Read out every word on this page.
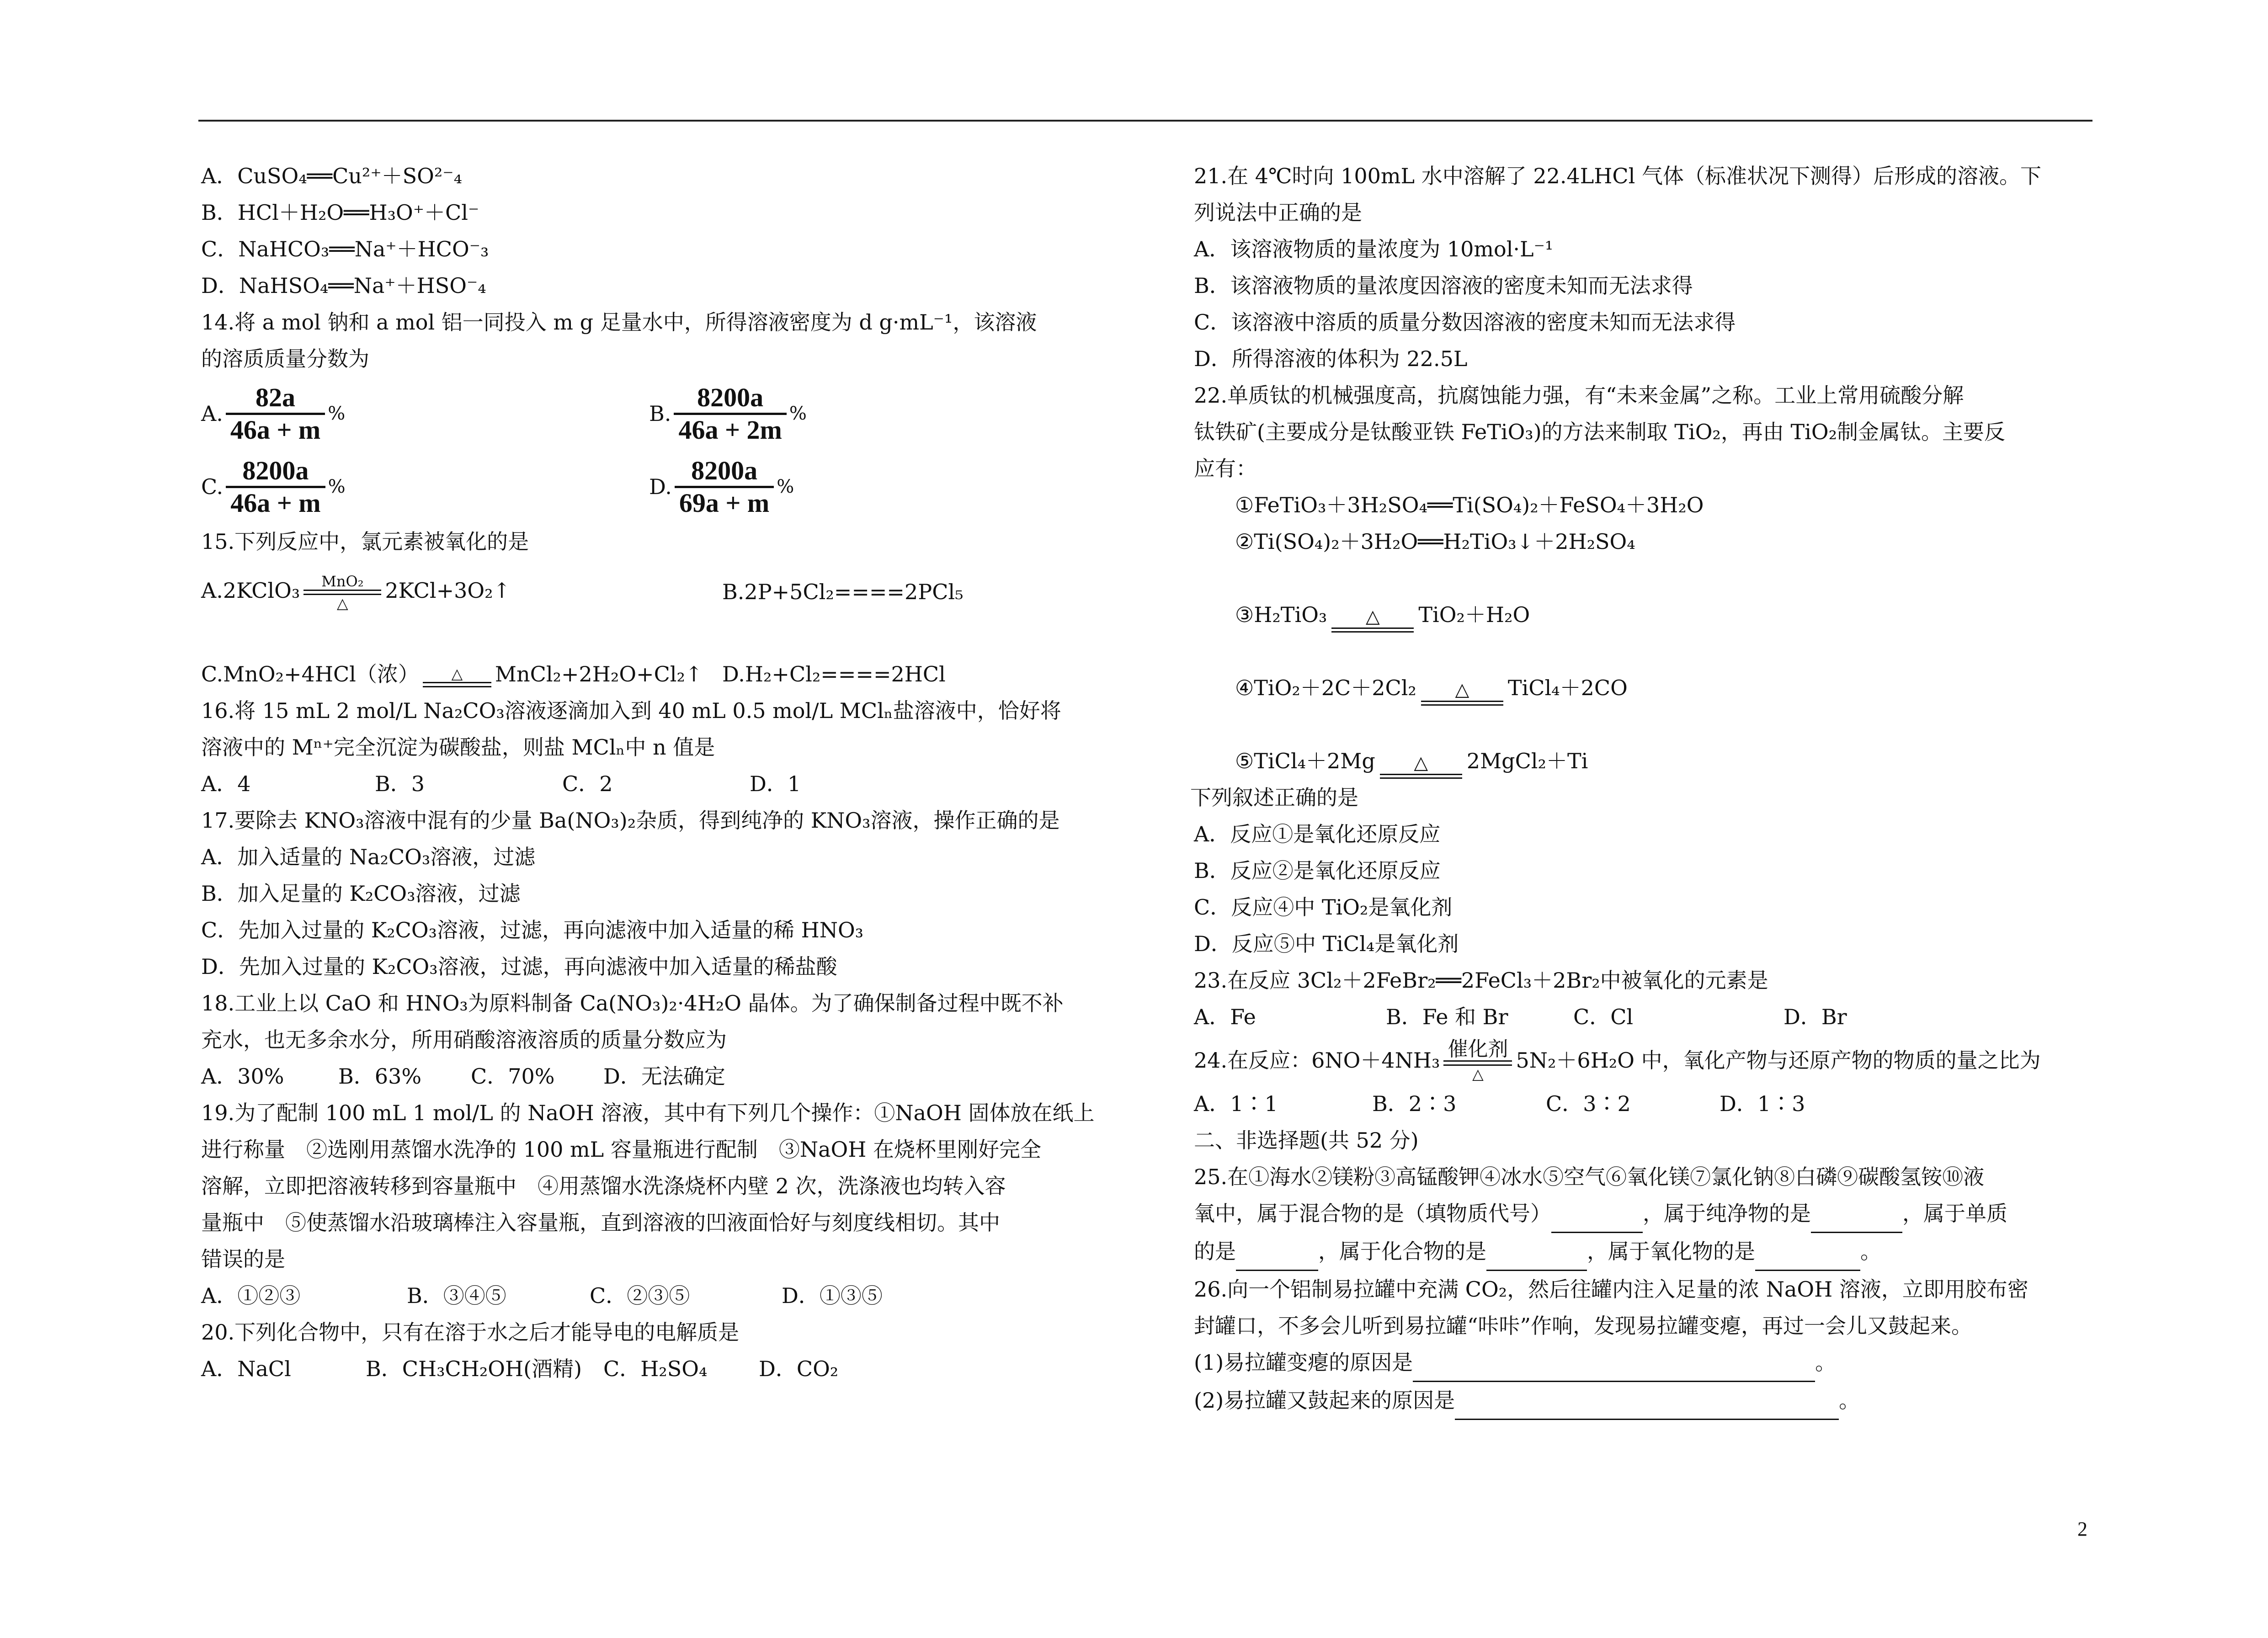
A．CuSO₄══Cu²⁺＋SO²⁻₄
B．HCl＋H₂O══H₃O⁺＋Cl⁻
C．NaHCO₃══Na⁺＋HCO⁻₃
D．NaHSO₄══Na⁺＋HSO⁻₄
14.将 a mol 钠和 a mol 铝一同投入 m g 足量水中，所得溶液密度为 d g·mL⁻¹，该溶液
的溶质质量分数为
A. $\frac{82a}{46a + m}$ %	B. $\frac{8200a}{46a + 2m}$ %
C. $\frac{8200a}{46a + m}$ %	D. $\frac{8200a}{69a + m}$ %
15.下列反应中，氯元素被氧化的是
A.2KClO₃	MnO₂
△
2KCl+3O₂↑	B.2P+5Cl₂====2PCl₅
C.MnO₂+4HCl（浓）	△	MnCl₂+2H₂O+Cl₂↑ D.H₂+Cl₂====2HCl
16.将 15 mL 2 mol/L Na₂CO₃溶液逐滴加入到 40 mL 0.5 mol/L MClₙ盐溶液中，恰好将
溶液中的 Mⁿ⁺完全沉淀为碳酸盐，则盐 MClₙ中 n 值是
A．4	B．3	C．2	D．1
17.要除去 KNO₃溶液中混有的少量 Ba(NO₃)₂杂质，得到纯净的 KNO₃溶液，操作正确的是
A．加入适量的 Na₂CO₃溶液，过滤
B．加入足量的 K₂CO₃溶液，过滤
C．先加入过量的 K₂CO₃溶液，过滤，再向滤液中加入适量的稀 HNO₃
D．先加入过量的 K₂CO₃溶液，过滤，再向滤液中加入适量的稀盐酸
18.工业上以 CaO 和 HNO₃为原料制备 Ca(NO₃)₂·4H₂O 晶体。为了确保制备过程中既不补
充水，也无多余水分，所用硝酸溶液溶质的质量分数应为
A．30%	B．63%	C．70%	D．无法确定
19.为了配制 100 mL 1 mol/L 的 NaOH 溶液，其中有下列几个操作：①NaOH 固体放在纸上
进行称量　②选刚用蒸馏水洗净的 100 mL 容量瓶进行配制　③NaOH 在烧杯里刚好完全
溶解，立即把溶液转移到容量瓶中　④用蒸馏水洗涤烧杯内壁 2 次，洗涤液也均转入容
量瓶中　⑤使蒸馏水沿玻璃棒注入容量瓶，直到溶液的凹液面恰好与刻度线相切。其中
错误的是
A．①②③	B．③④⑤	C．②③⑤	D．①③⑤
20.下列化合物中，只有在溶于水之后才能导电的电解质是
A．NaCl	B．CH₃CH₂OH(酒精)	C．H₂SO₄	D．CO₂
21.在 4℃时向 100mL 水中溶解了 22.4LHCl 气体（标准状况下测得）后形成的溶液。下
列说法中正确的是
A．该溶液物质的量浓度为 10mol·L⁻¹
B．该溶液物质的量浓度因溶液的密度未知而无法求得
C．该溶液中溶质的质量分数因溶液的密度未知而无法求得
D．所得溶液的体积为 22.5L
22.单质钛的机械强度高，抗腐蚀能力强，有“未来金属”之称。工业上常用硫酸分解
钛铁矿(主要成分是钛酸亚铁 FeTiO₃)的方法来制取 TiO₂，再由 TiO₂制金属钛。主要反
应有：
①FeTiO₃＋3H₂SO₄══Ti(SO₄)₂＋FeSO₄＋3H₂O
②Ti(SO₄)₂＋3H₂O══H₂TiO₃↓＋2H₂SO₄
③H₂TiO₃	△	TiO₂＋H₂O
④TiO₂＋2C＋2Cl₂	△	TiCl₄＋2CO
⑤TiCl₄＋2Mg	△	2MgCl₂＋Ti
下列叙述正确的是
A．反应①是氧化还原反应
B．反应②是氧化还原反应
C．反应④中 TiO₂是氧化剂
D．反应⑤中 TiCl₄是氧化剂
23.在反应 3Cl₂＋2FeBr₂══2FeCl₃＋2Br₂中被氧化的元素是
A．Fe	B．Fe 和 Br	C．Cl	D．Br
24.在反应：6NO＋4NH₃ 催化剂
△
5N₂＋6H₂O 中，氧化产物与还原产物的物质的量之比为
A．1∶1	B．2∶3	C．3∶2	D．1∶3
二、非选择题(共 52 分)
25.在①海水②镁粉③高锰酸钾④冰水⑤空气⑥氧化镁⑦氯化钠⑧白磷⑨碳酸氢铵⑩液
氧中，属于混合物的是（填物质代号）	，属于纯净物的是	，属于单质
的是	，属于化合物的是	，属于氧化物的是	。
26.向一个铝制易拉罐中充满 CO₂，然后往罐内注入足量的浓 NaOH 溶液，立即用胶布密
封罐口，不多会儿听到易拉罐“咔咔”作响，发现易拉罐变瘪，再过一会儿又鼓起来。
(1)易拉罐变瘪的原因是	。
(2)易拉罐又鼓起来的原因是	。
2
